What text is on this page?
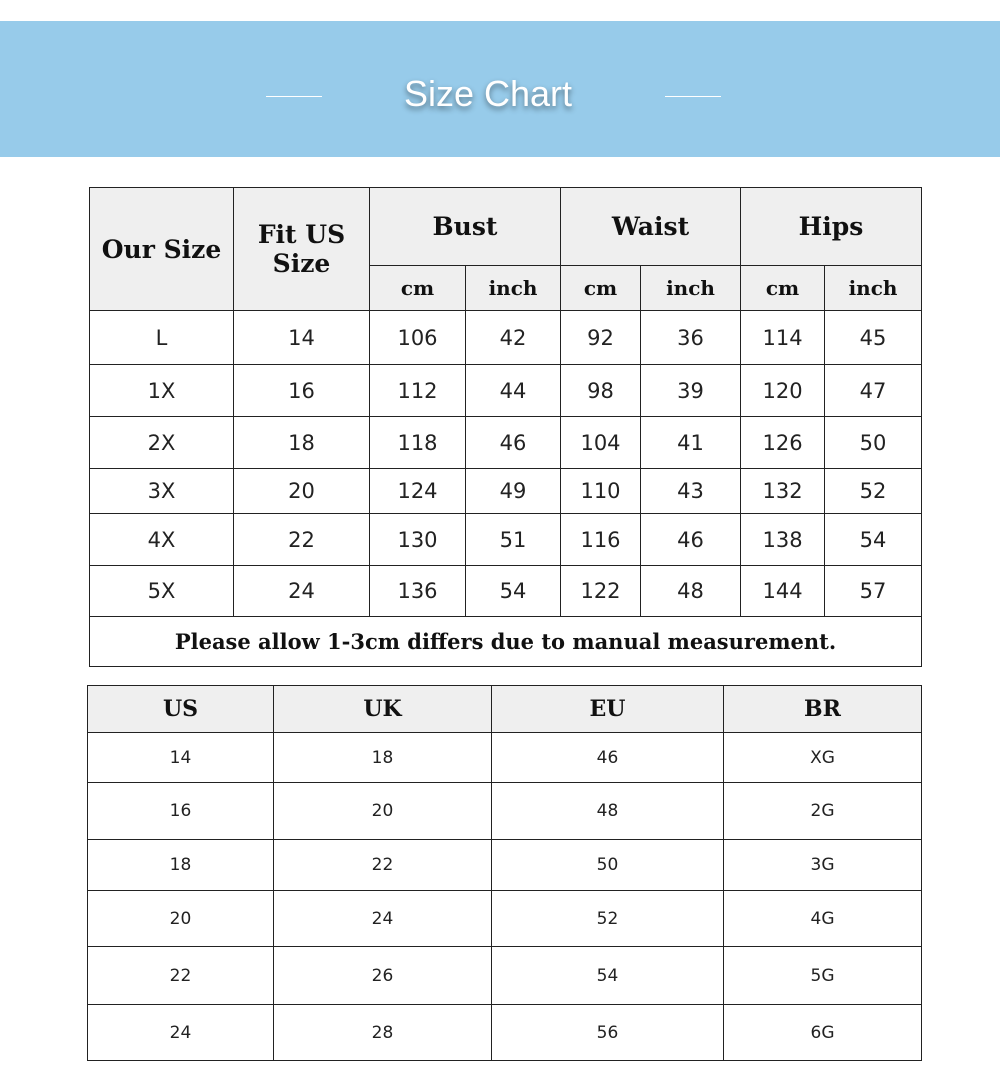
Size Chart
Our Size	Fit US Size	Bust		Waist		Hips	
		cm	inch	cm	inch	cm	inch
L	14	106	42	92	36	114	45
1X	16	112	44	98	39	120	47
2X	18	118	46	104	41	126	50
3X	20	124	49	110	43	132	52
4X	22	130	51	116	46	138	54
5X	24	136	54	122	48	144	57
Please allow 1-3cm differs due to manual measurement.							
US	UK	EU	BR
14	18	46	XG
16	20	48	2G
18	22	50	3G
20	24	52	4G
22	26	54	5G
24	28	56	6G
